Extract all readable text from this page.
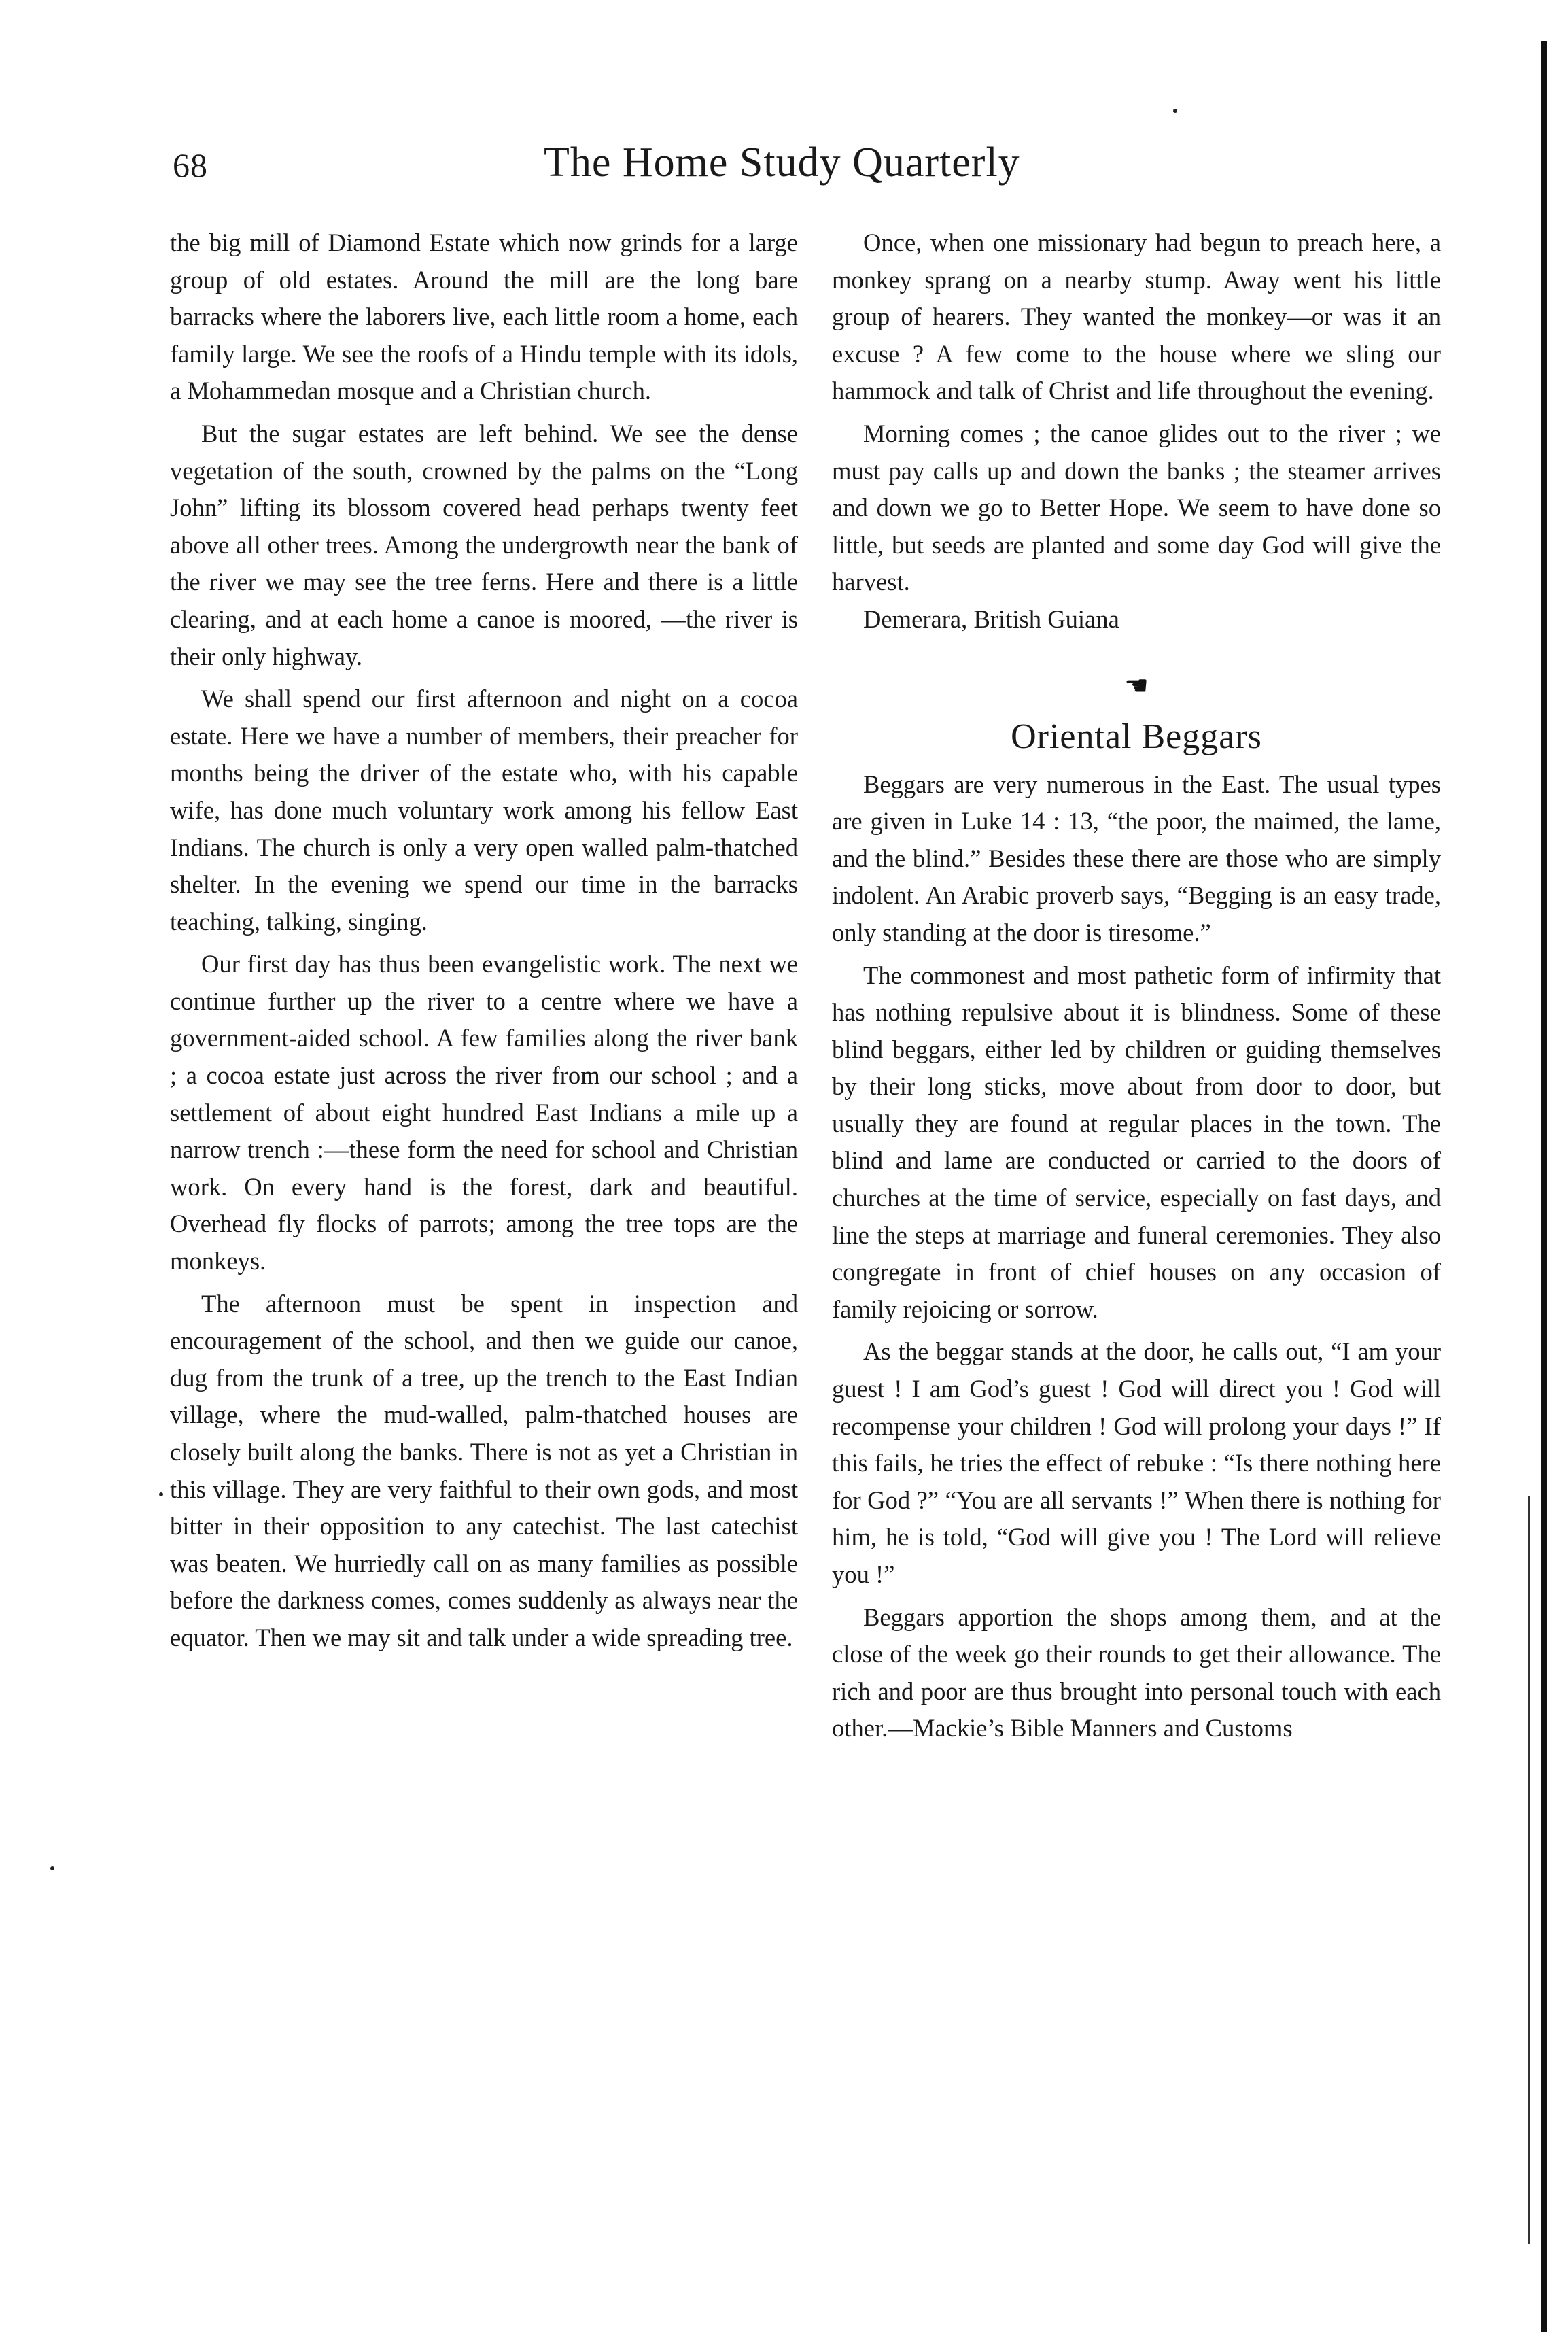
68	The Home Study Quarterly

the big mill of Diamond Estate which now grinds for a large group of old estates. Around the mill are the long bare barracks where the laborers live, each little room a home, each family large. We see the roofs of a Hindu temple with its idols, a Mohammedan mosque and a Christian church.

But the sugar estates are left behind. We see the dense vegetation of the south, crowned by the palms on the “Long John” lifting its blossom covered head perhaps twenty feet above all other trees. Among the undergrowth near the bank of the river we may see the tree ferns. Here and there is a little clearing, and at each home a canoe is moored, —the river is their only highway.

We shall spend our first afternoon and night on a cocoa estate. Here we have a number of members, their preacher for months being the driver of the estate who, with his capable wife, has done much voluntary work among his fellow East Indians. The church is only a very open walled palm-thatched shelter. In the evening we spend our time in the barracks teaching, talking, singing.

Our first day has thus been evangelistic work. The next we continue further up the river to a centre where we have a government-aided school. A few families along the river bank ; a cocoa estate just across the river from our school ; and a settlement of about eight hundred East Indians a mile up a narrow trench :—these form the need for school and Christian work. On every hand is the forest, dark and beautiful. Overhead fly flocks of parrots; among the tree tops are the monkeys.

The afternoon must be spent in inspection and encouragement of the school, and then we guide our canoe, dug from the trunk of a tree, up the trench to the East Indian village, where the mud-walled, palm-thatched houses are closely built along the banks. There is not as yet a Christian in this village. They are very faithful to their own gods, and most bitter in their opposition to any catechist. The last catechist was beaten. We hurriedly call on as many families as possible before the darkness comes, comes suddenly as always near the equator. Then we may sit and talk under a wide spreading tree.

Once, when one missionary had begun to preach here, a monkey sprang on a nearby stump. Away went his little group of hearers. They wanted the monkey—or was it an excuse ? A few come to the house where we sling our hammock and talk of Christ and life throughout the evening.

Morning comes ; the canoe glides out to the river ; we must pay calls up and down the banks ; the steamer arrives and down we go to Better Hope. We seem to have done so little, but seeds are planted and some day God will give the harvest.

Demerara, British Guiana

☚
Oriental Beggars

Beggars are very numerous in the East. The usual types are given in Luke 14 : 13, “the poor, the maimed, the lame, and the blind.” Besides these there are those who are simply indolent. An Arabic proverb says, “Begging is an easy trade, only standing at the door is tiresome.”

The commonest and most pathetic form of infirmity that has nothing repulsive about it is blindness. Some of these blind beggars, either led by children or guiding themselves by their long sticks, move about from door to door, but usually they are found at regular places in the town. The blind and lame are conducted or carried to the doors of churches at the time of service, especially on fast days, and line the steps at marriage and funeral ceremonies. They also congregate in front of chief houses on any occasion of family rejoicing or sorrow.

As the beggar stands at the door, he calls out, “I am your guest ! I am God’s guest ! God will direct you ! God will recompense your children ! God will prolong your days !” If this fails, he tries the effect of rebuke : “Is there nothing here for God ?” “You are all servants !” When there is nothing for him, he is told, “God will give you ! The Lord will relieve you !”

Beggars apportion the shops among them, and at the close of the week go their rounds to get their allowance. The rich and poor are thus brought into personal touch with each other.—Mackie’s Bible Manners and Customs
